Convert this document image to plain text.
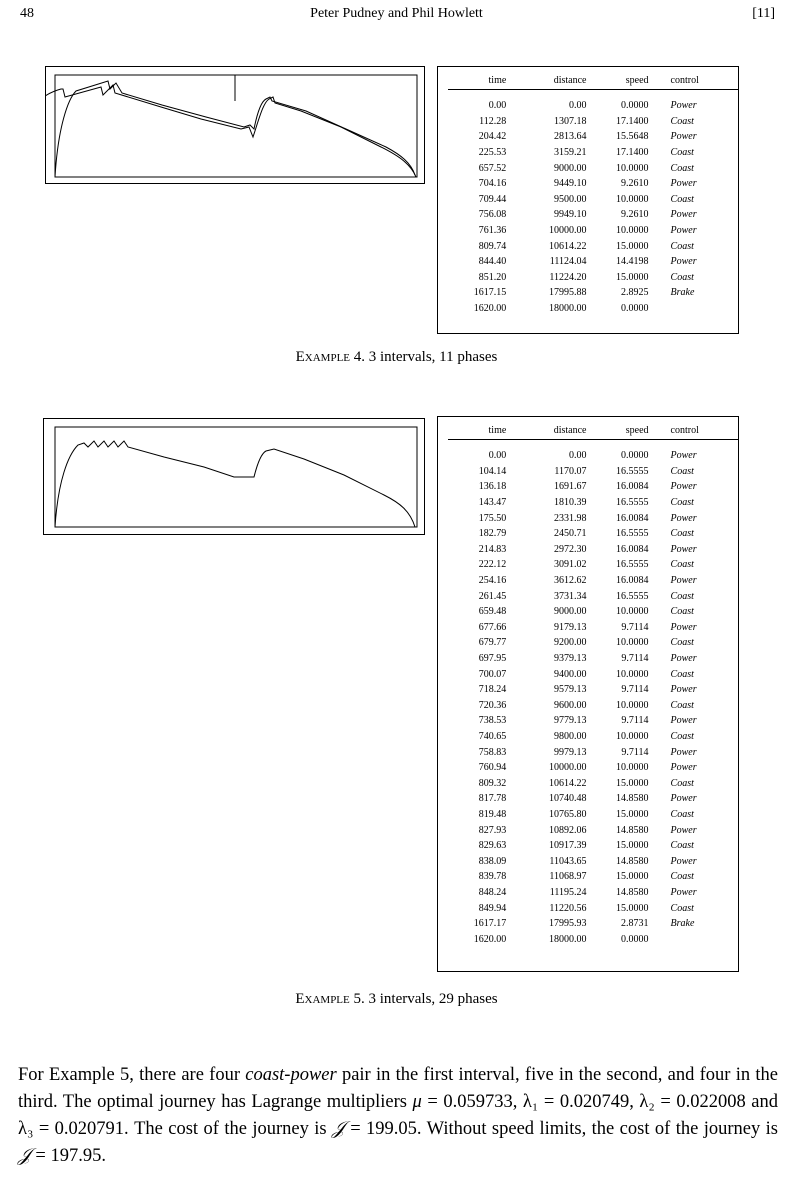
48	Peter Pudney and Phil Howlett	[11]
time	distance	speed	control

0.00	0.00	0.0000	Power
112.28	1307.18	17.1400	Coast
204.42	2813.64	15.5648	Power
225.53	3159.21	17.1400	Coast
657.52	9000.00	10.0000	Coast
704.16	9449.10	9.2610	Power
709.44	9500.00	10.0000	Coast
756.08	9949.10	9.2610	Power
761.36	10000.00	10.0000	Power
809.74	10614.22	15.0000	Coast
844.40	11124.04	14.4198	Power
851.20	11224.20	15.0000	Coast
1617.15	17995.88	2.8925	Brake
1620.00	18000.00	0.0000	
Example 4. 3 intervals, 11 phases
time	distance	speed	control

0.00	0.00	0.0000	Power
104.14	1170.07	16.5555	Coast
136.18	1691.67	16.0084	Power
143.47	1810.39	16.5555	Coast
175.50	2331.98	16.0084	Power
182.79	2450.71	16.5555	Coast
214.83	2972.30	16.0084	Power
222.12	3091.02	16.5555	Coast
254.16	3612.62	16.0084	Power
261.45	3731.34	16.5555	Coast
659.48	9000.00	10.0000	Coast
677.66	9179.13	9.7114	Power
679.77	9200.00	10.0000	Coast
697.95	9379.13	9.7114	Power
700.07	9400.00	10.0000	Coast
718.24	9579.13	9.7114	Power
720.36	9600.00	10.0000	Coast
738.53	9779.13	9.7114	Power
740.65	9800.00	10.0000	Coast
758.83	9979.13	9.7114	Power
760.94	10000.00	10.0000	Power
809.32	10614.22	15.0000	Coast
817.78	10740.48	14.8580	Power
819.48	10765.80	15.0000	Coast
827.93	10892.06	14.8580	Power
829.63	10917.39	15.0000	Coast
838.09	11043.65	14.8580	Power
839.78	11068.97	15.0000	Coast
848.24	11195.24	14.8580	Power
849.94	11220.56	15.0000	Coast
1617.17	17995.93	2.8731	Brake
1620.00	18000.00	0.0000	
Example 5. 3 intervals, 29 phases

For Example 5, there are four coast-power pair in the first interval, five in the second, and four in the third. The optimal journey has Lagrange multipliers μ = 0.059733, λ₁ = 0.020749, λ₂ = 0.022008 and λ₃ = 0.020791. The cost of the journey is 𝒥 = 199.05. Without speed limits, the cost of the journey is 𝒥 = 197.95.
